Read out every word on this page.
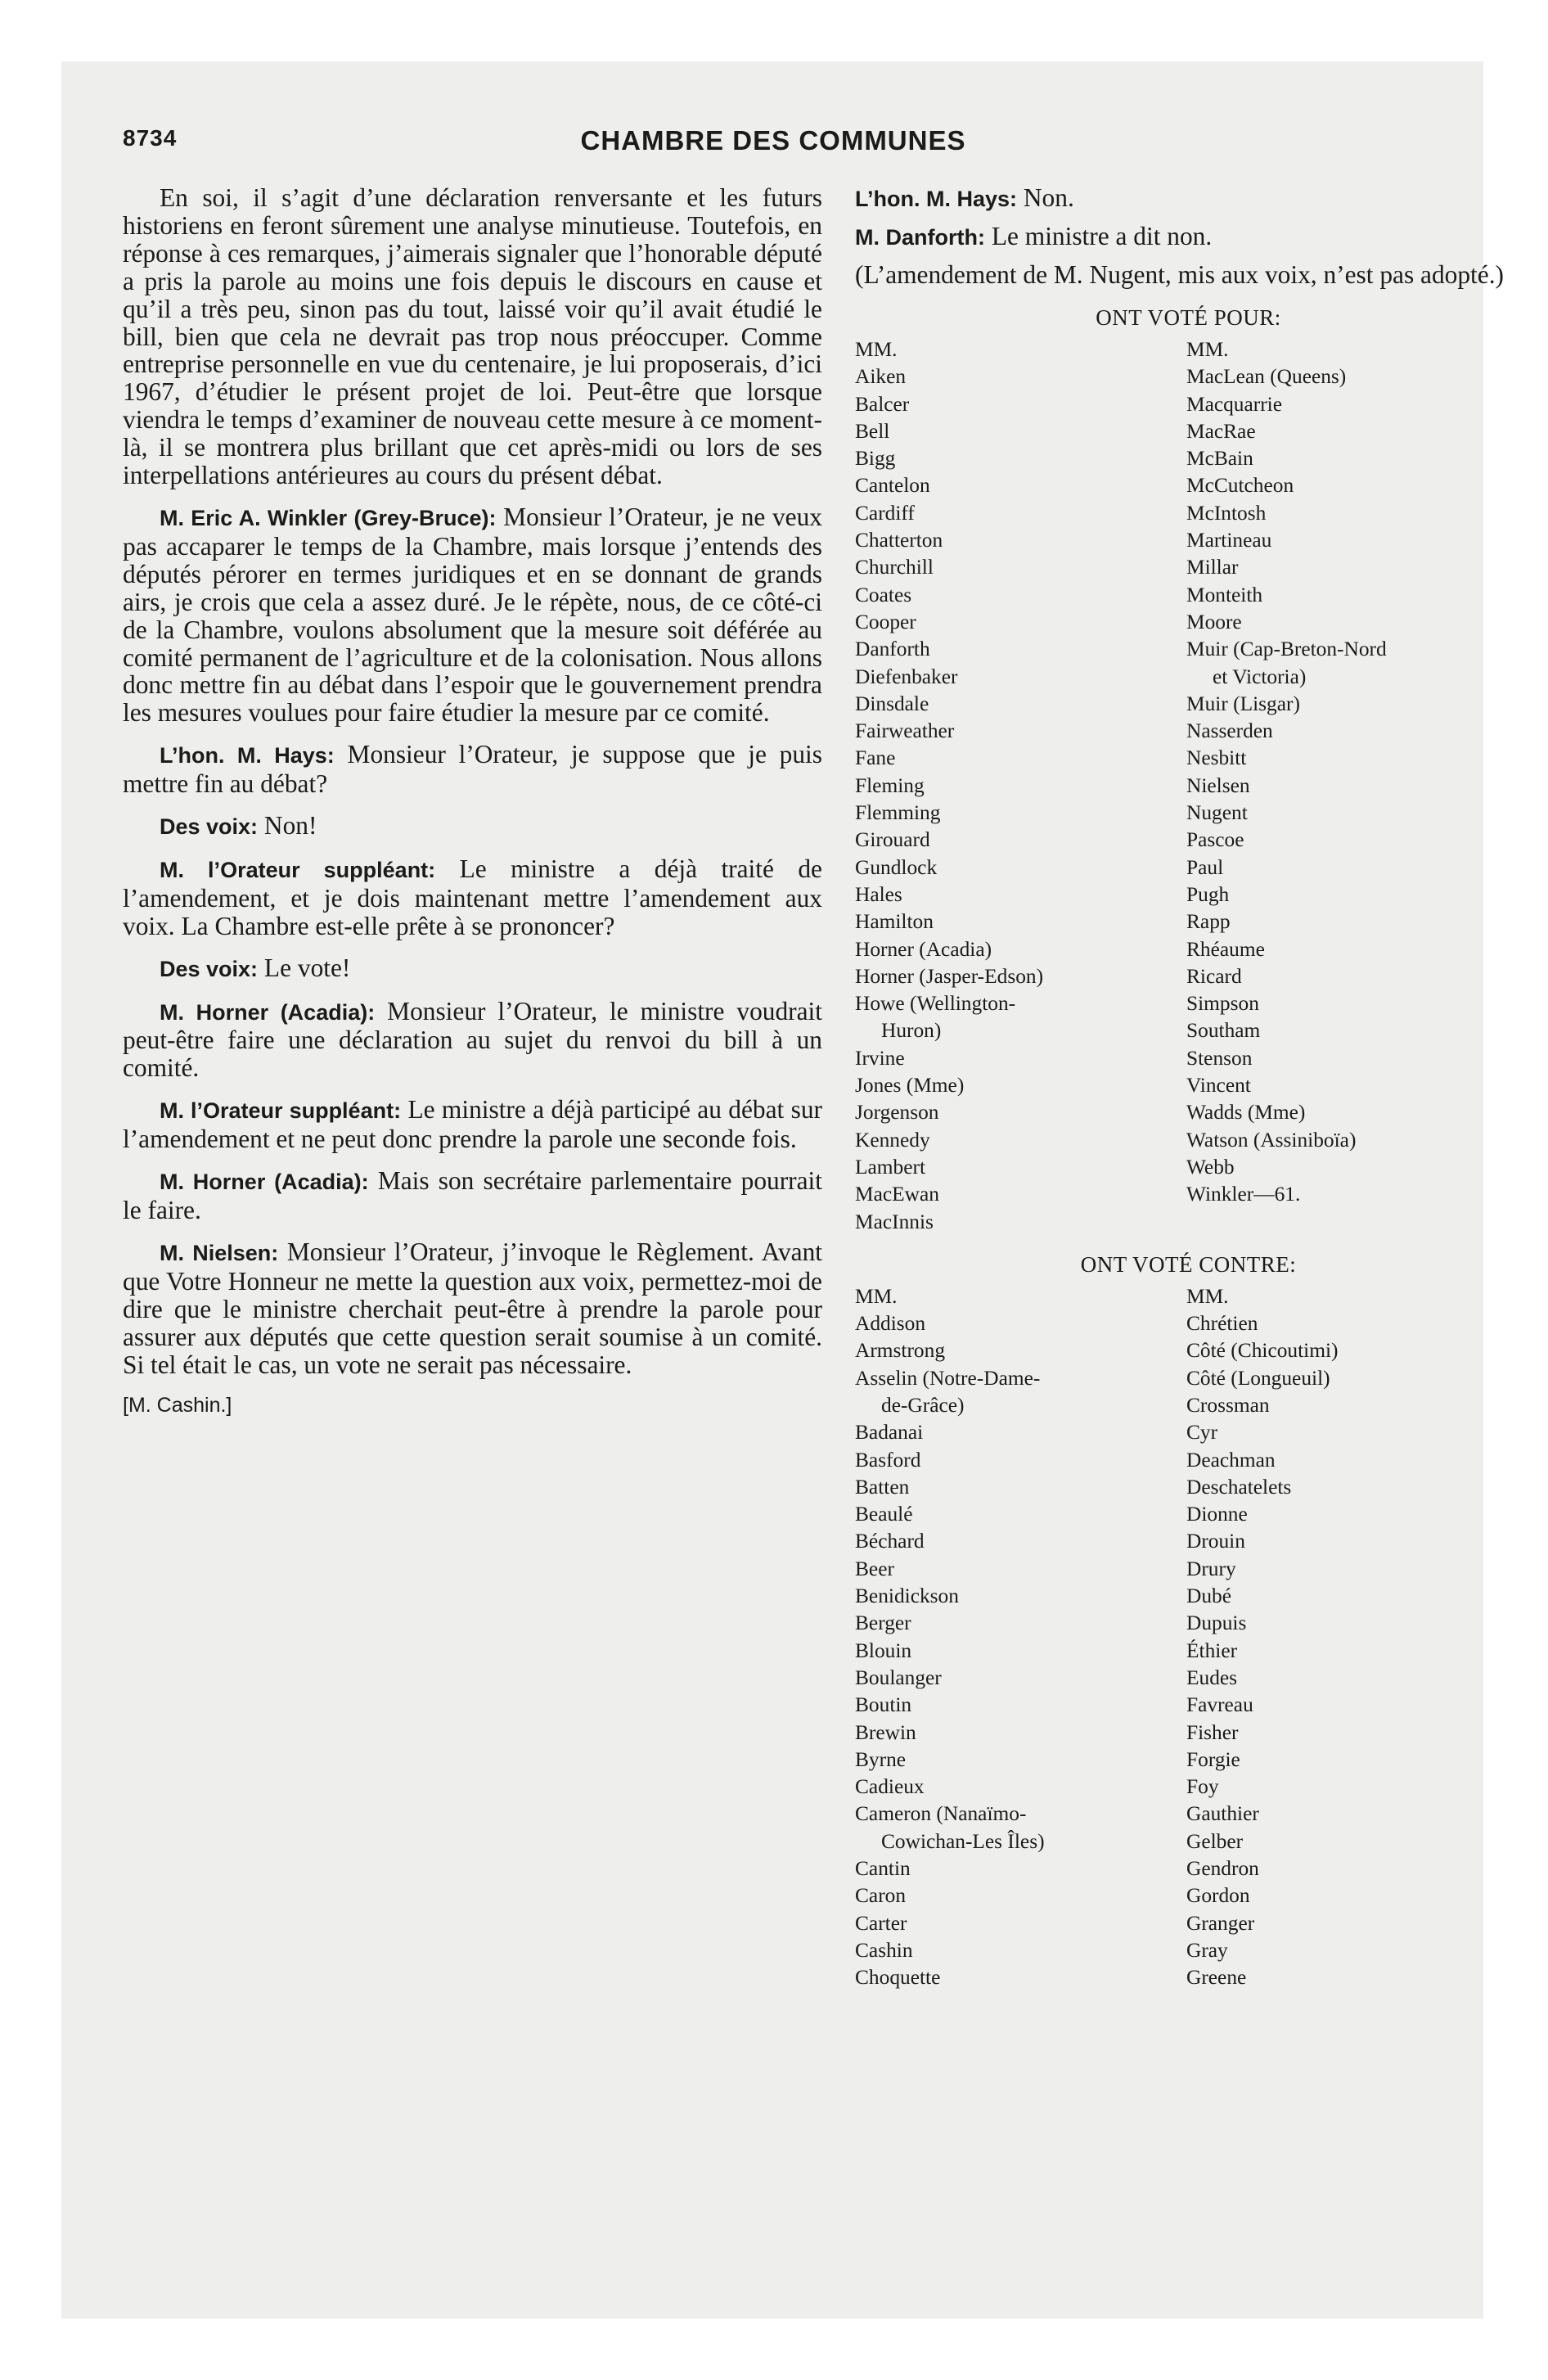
8734	CHAMBRE DES COMMUNES

En soi, il s’agit d’une déclaration renversante et les futurs historiens en feront sûrement une analyse minutieuse. Toutefois, en réponse à ces remarques, j’aimerais signaler que l’honorable député a pris la parole au moins une fois depuis le discours en cause et qu’il a très peu, sinon pas du tout, laissé voir qu’il avait étudié le bill, bien que cela ne devrait pas trop nous préoccuper. Comme entreprise personnelle en vue du centenaire, je lui proposerais, d’ici 1967, d’étudier le présent projet de loi. Peut-être que lorsque viendra le temps d’examiner de nouveau cette mesure à ce moment-là, il se montrera plus brillant que cet après-midi ou lors de ses interpellations antérieures au cours du présent débat.

M. Eric A. Winkler (Grey-Bruce): Monsieur l’Orateur, je ne veux pas accaparer le temps de la Chambre, mais lorsque j’entends des députés pérorer en termes juridiques et en se donnant de grands airs, je crois que cela a assez duré. Je le répète, nous, de ce côté-ci de la Chambre, voulons absolument que la mesure soit déférée au comité permanent de l’agriculture et de la colonisation. Nous allons donc mettre fin au débat dans l’espoir que le gouvernement prendra les mesures voulues pour faire étudier la mesure par ce comité.

L’hon. M. Hays: Monsieur l’Orateur, je suppose que je puis mettre fin au débat?

Des voix: Non!

M. l’Orateur suppléant: Le ministre a déjà traité de l’amendement, et je dois maintenant mettre l’amendement aux voix. La Chambre est-elle prête à se prononcer?

Des voix: Le vote!

M. Horner (Acadia): Monsieur l’Orateur, le ministre voudrait peut-être faire une déclaration au sujet du renvoi du bill à un comité.

M. l’Orateur suppléant: Le ministre a déjà participé au débat sur l’amendement et ne peut donc prendre la parole une seconde fois.

M. Horner (Acadia): Mais son secrétaire parlementaire pourrait le faire.

M. Nielsen: Monsieur l’Orateur, j’invoque le Règlement. Avant que Votre Honneur ne mette la question aux voix, permettez-moi de dire que le ministre cherchait peut-être à prendre la parole pour assurer aux députés que cette question serait soumise à un comité. Si tel était le cas, un vote ne serait pas nécessaire.

[M. Cashin.]

L’hon. M. Hays: Non.

M. Danforth: Le ministre a dit non.

(L’amendement de M. Nugent, mis aux voix, n’est pas adopté.)

ONT VOTÉ POUR:
MM.
Aiken
Balcer
Bell
Bigg
Cantelon
Cardiff
Chatterton
Churchill
Coates
Cooper
Danforth
Diefenbaker
Dinsdale
Fairweather
Fane
Fleming
Flemming
Girouard
Gundlock
Hales
Hamilton
Horner (Acadia)
Horner (Jasper-Edson)
Howe (Wellington-
Huron)
Irvine
Jones (Mme)
Jorgenson
Kennedy
Lambert
MacEwan
MacInnis
MM.
MacLean (Queens)
Macquarrie
MacRae
McBain
McCutcheon
McIntosh
Martineau
Millar
Monteith
Moore
Muir (Cap-Breton-Nord
et Victoria)
Muir (Lisgar)
Nasserden
Nesbitt
Nielsen
Nugent
Pascoe
Paul
Pugh
Rapp
Rhéaume
Ricard
Simpson
Southam
Stenson
Vincent
Wadds (Mme)
Watson (Assiniboïa)
Webb
Winkler—61.
ONT VOTÉ CONTRE:
MM.
Addison
Armstrong
Asselin (Notre-Dame-
de-Grâce)
Badanai
Basford
Batten
Beaulé
Béchard
Beer
Benidickson
Berger
Blouin
Boulanger
Boutin
Brewin
Byrne
Cadieux
Cameron (Nanaïmo-
Cowichan-Les Îles)
Cantin
Caron
Carter
Cashin
Choquette
MM.
Chrétien
Côté (Chicoutimi)
Côté (Longueuil)
Crossman
Cyr
Deachman
Deschatelets
Dionne
Drouin
Drury
Dubé
Dupuis
Éthier
Eudes
Favreau
Fisher
Forgie
Foy
Gauthier
Gelber
Gendron
Gordon
Granger
Gray
Greene
